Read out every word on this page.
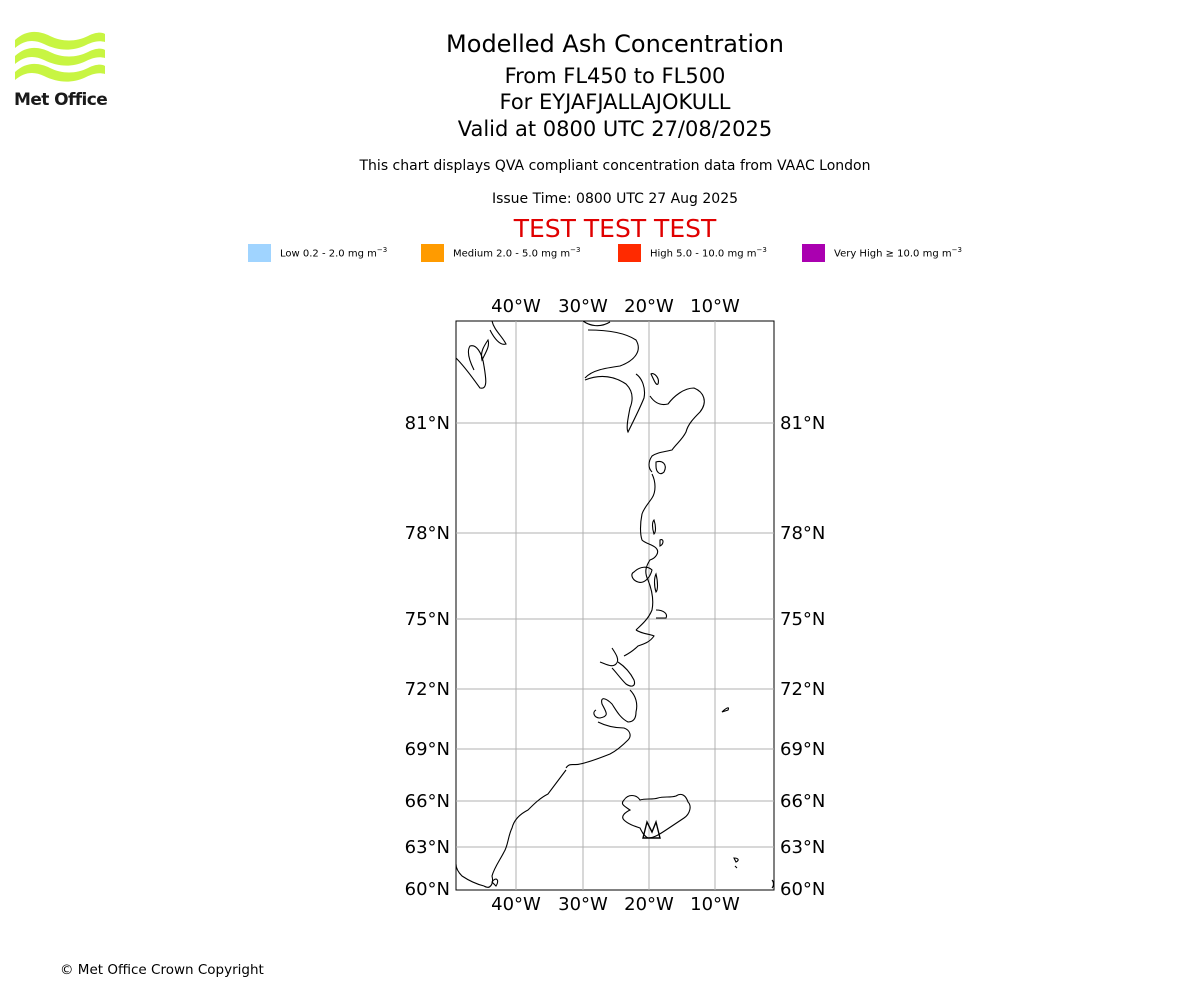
Met Office
Modelled Ash Concentration
From FL450 to FL500
For EYJAFJALLAJOKULL
Valid at 0800 UTC 27/08/2025
This chart displays QVA compliant concentration data from VAAC London
Issue Time: 0800 UTC 27 Aug 2025
TEST TEST TEST
Low 0.2 - 2.0 mg $m^{-3}$	Medium 2.0 - 5.0 mg $m^{-3}$	High 5.0 - 10.0 mg $m^{-3}$	Very High ≥ 10.0 mg $m^{-3}$
40°W 30°W 20°W 10°W
40°W 30°W 20°W 10°W
81°N
78°N
75°N
72°N
69°N
66°N
63°N
60°N
81°N
78°N
75°N
72°N
69°N
66°N
63°N
60°N
© Met Office Crown Copyright
